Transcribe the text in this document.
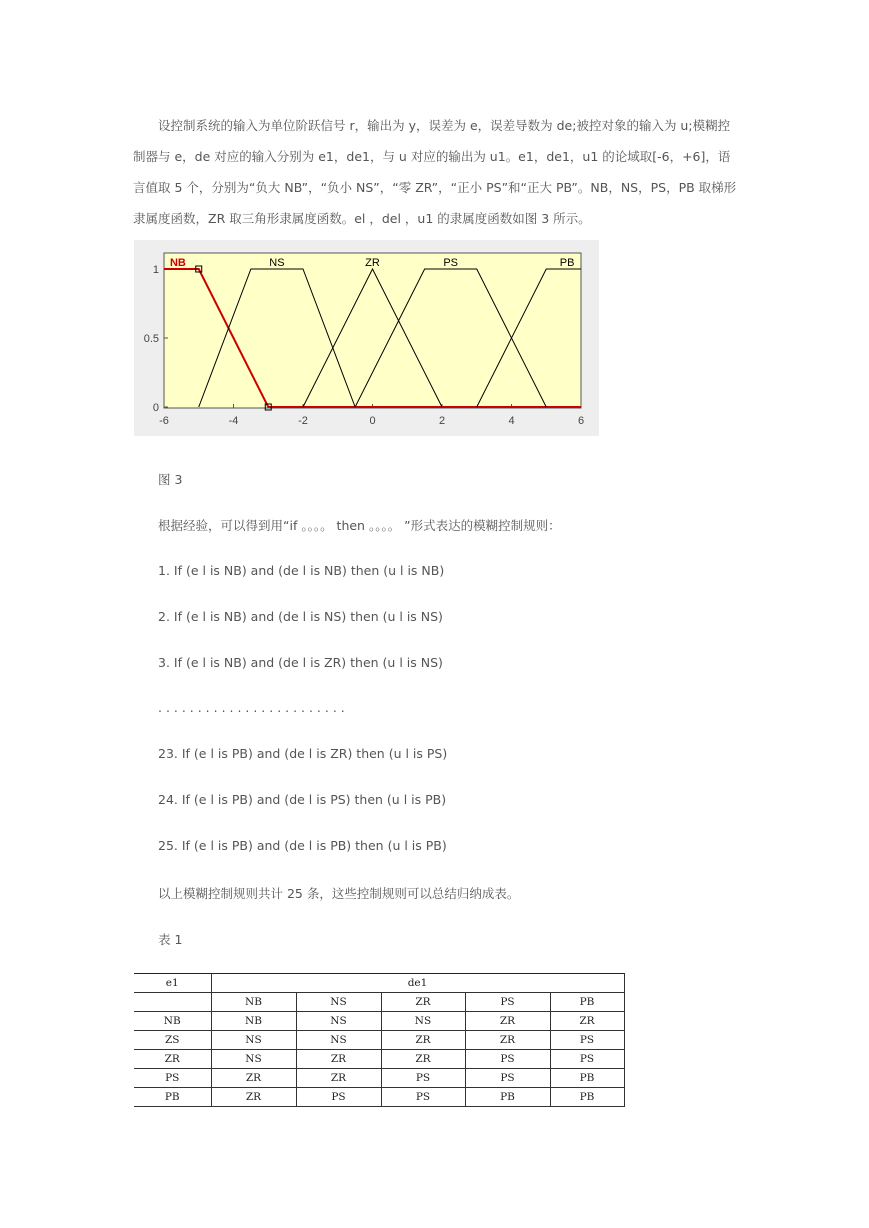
设控制系统的输入为单位阶跃信号 r，输出为 y，误差为 e，误差导数为 de;被控对象的输入为 u;模糊控制器与 e，de 对应的输入分别为 e1，de1，与 u 对应的输出为 u1。e1，de1，u1 的论域取[-6，+6]，语言值取 5 个，分别为“负大 NB”，“负小 NS”，“零 ZR”，“正小 PS”和“正大 PB”。NB，NS，PS，PB 取梯形隶属度函数，ZR 取三角形隶属度函数。el ，del ，u1 的隶属度函数如图 3 所示。

-6	-4	-2	0	2	4	6
0
0.5
1
NB	NS	ZR	PS	PB

图 3

根据经验，可以得到用“if 。。。。 then 。。。。 ”形式表达的模糊控制规则：

1. If (e l is NB) and (de l is NB) then (u l is NB)

2. If (e l is NB) and (de l is NS) then (u l is NS)

3. If (e l is NB) and (de l is ZR) then (u l is NS)

. . . . . . . . . . . . . . . . . . . . . . . .

23. If (e l is PB) and (de l is ZR) then (u l is PS)

24. If (e l is PB) and (de l is PS) then (u l is PB)

25. If (e l is PB) and (de l is PB) then (u l is PB)

以上模糊控制规则共计 25 条，这些控制规则可以总结归纳成表。

表 1

e1	de1				
	NB	NS	ZR	PS	PB
NB	NB	NS	NS	ZR	ZR
ZS	NS	NS	ZR	ZR	PS
ZR	NS	ZR	ZR	PS	PS
PS	ZR	ZR	PS	PS	PB
PB	ZR	PS	PS	PB	PB
